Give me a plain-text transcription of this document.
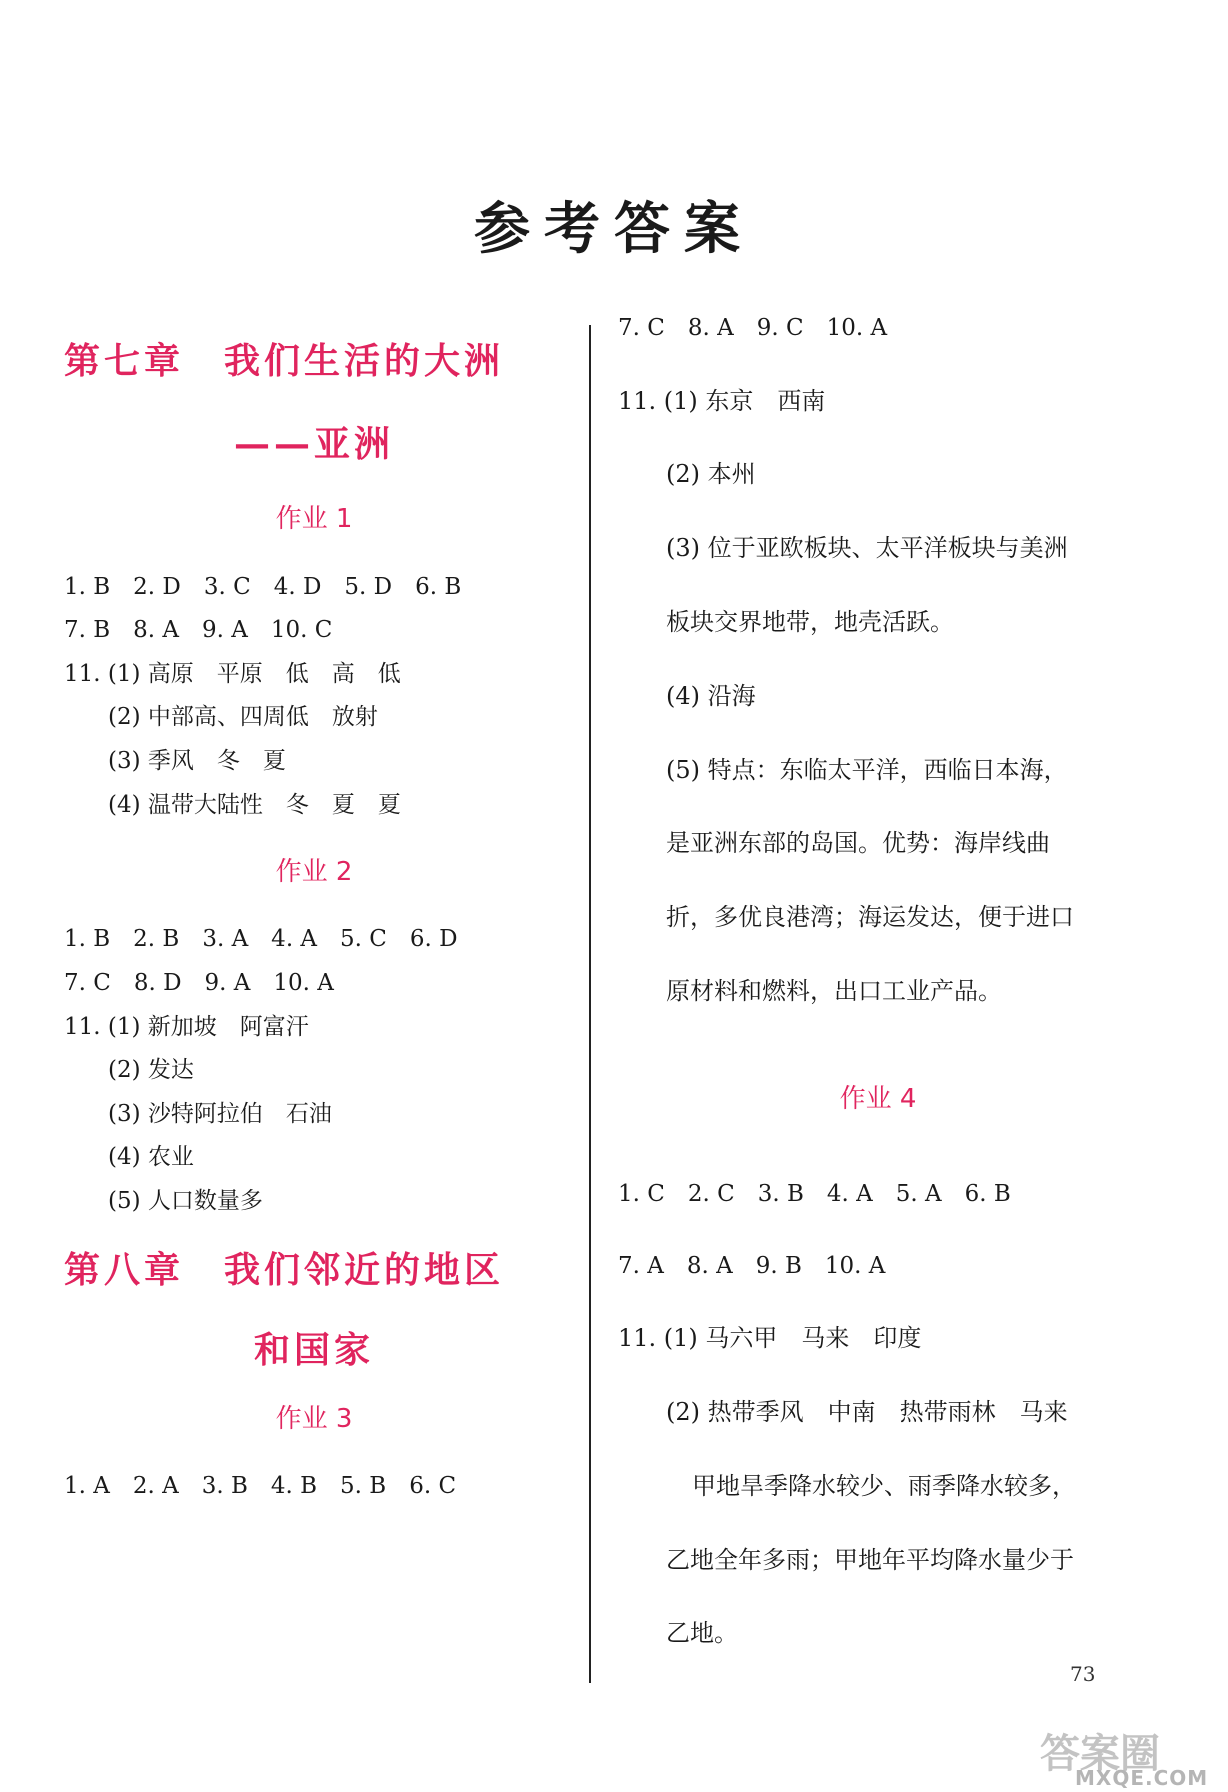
参考答案
第七章　我们生活的大洲
——亚洲
作业 1
1. B　2. D　3. C　4. D　5. D　6. B
7. B　8. A　9. A　10. C
11. (1) 高原　平原　低　高　低
(2) 中部高、四周低　放射
(3) 季风　冬　夏
(4) 温带大陆性　冬　夏　夏
作业 2
1. B　2. B　3. A　4. A　5. C　6. D
7. C　8. D　9. A　10. A
11. (1) 新加坡　阿富汗
(2) 发达
(3) 沙特阿拉伯　石油
(4) 农业
(5) 人口数量多
第八章　我们邻近的地区
和国家
作业 3
1. A　2. A　3. B　4. B　5. B　6. C
7. C　8. A　9. C　10. A
11. (1) 东京　西南
(2) 本州
(3) 位于亚欧板块、太平洋板块与美洲
板块交界地带，地壳活跃。
(4) 沿海
(5) 特点：东临太平洋，西临日本海，
是亚洲东部的岛国。优势：海岸线曲
折，多优良港湾；海运发达，便于进口
原材料和燃料，出口工业产品。
作业 4
1. C　2. C　3. B　4. A　5. A　6. B
7. A　8. A　9. B　10. A
11. (1) 马六甲　马来　印度
(2) 热带季风　中南　热带雨林　马来
甲地旱季降水较少、雨季降水较多，
乙地全年多雨；甲地年平均降水量少于
乙地。
73
答案圈
MXQE.COM
